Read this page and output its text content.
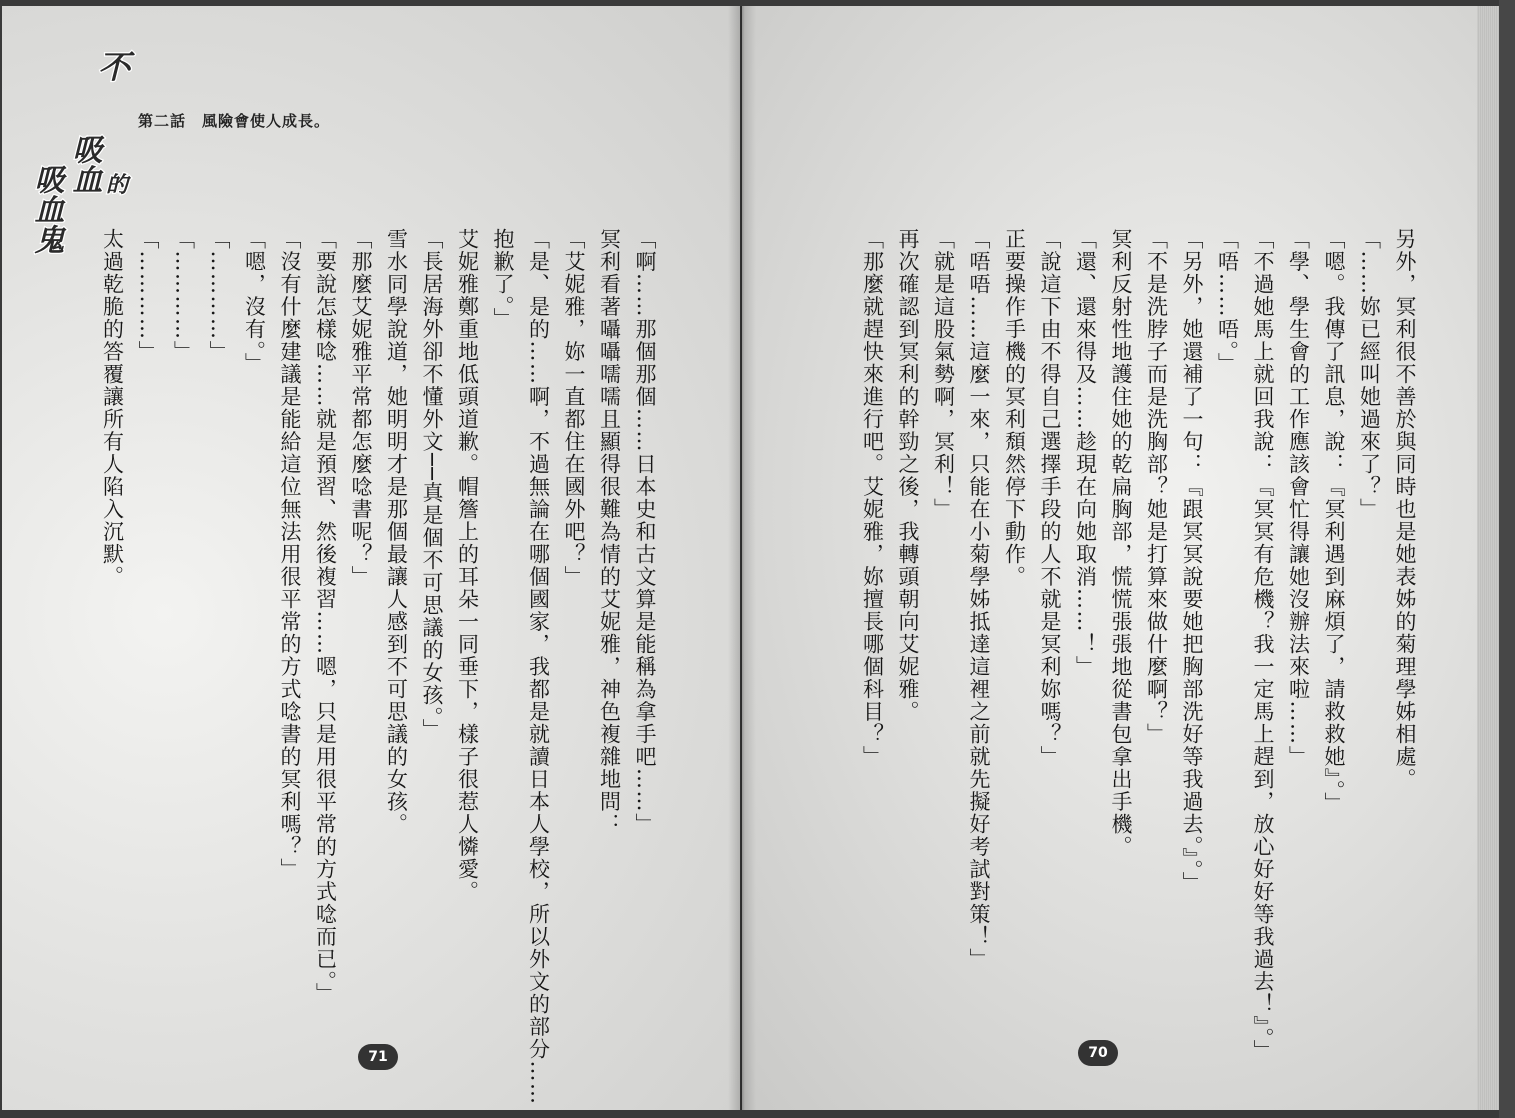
不
吸血 的
吸血鬼
第二話 風險會使人成長。

「啊……那個那個……日本史和古文算是能稱為拿手吧……」

冥利看著囁囁嚅嚅且顯得很難為情的艾妮雅，神色複雜地問：

「艾妮雅，妳一直都住在國外吧？」

「是、是的……啊，不過無論在哪個國家，我都是就讀日本人學校，所以外文的部分……

抱歉了。」

艾妮雅鄭重地低頭道歉。帽簷上的耳朵一同垂下，樣子很惹人憐愛。

「長居海外卻不懂外文──真是個不可思議的女孩。」

雪水同學說道，她明明才是那個最讓人感到不可思議的女孩。

「那麼艾妮雅平常都怎麼唸書呢？」

「要說怎樣唸……就是預習、然後複習……嗯，只是用很平常的方式唸而已。」

「沒有什麼建議是能給這位無法用很平常的方式唸書的冥利嗎？」

「嗯，沒有。」

「…………」

「…………」

「…………」

太過乾脆的答覆讓所有人陷入沉默。

71

另外，冥利很不善於與同時也是她表姊的菊理學姊相處。

「……妳已經叫她過來了？」

「嗯。我傳了訊息，說：『冥利遇到麻煩了，請救救她』。」

「學、學生會的工作應該會忙得讓她沒辦法來啦……」

「不過她馬上就回我說：『冥冥有危機？我一定馬上趕到，放心好好等我過去！』。」

「唔……唔。」

「另外，她還補了一句：『跟冥冥說要她把胸部洗好等我過去。』。」

「不是洗脖子而是洗胸部？她是打算來做什麼啊？」

冥利反射性地護住她的乾扁胸部，慌慌張張地從書包拿出手機。

「還、還來得及……趁現在向她取消……！」

「說這下由不得自己選擇手段的人不就是冥利妳嗎？」

正要操作手機的冥利頹然停下動作。

「唔唔……這麼一來，只能在小菊學姊抵達這裡之前就先擬好考試對策！」

「就是這股氣勢啊，冥利！」

再次確認到冥利的幹勁之後，我轉頭朝向艾妮雅。

「那麼就趕快來進行吧。艾妮雅，妳擅長哪個科目？」

70
